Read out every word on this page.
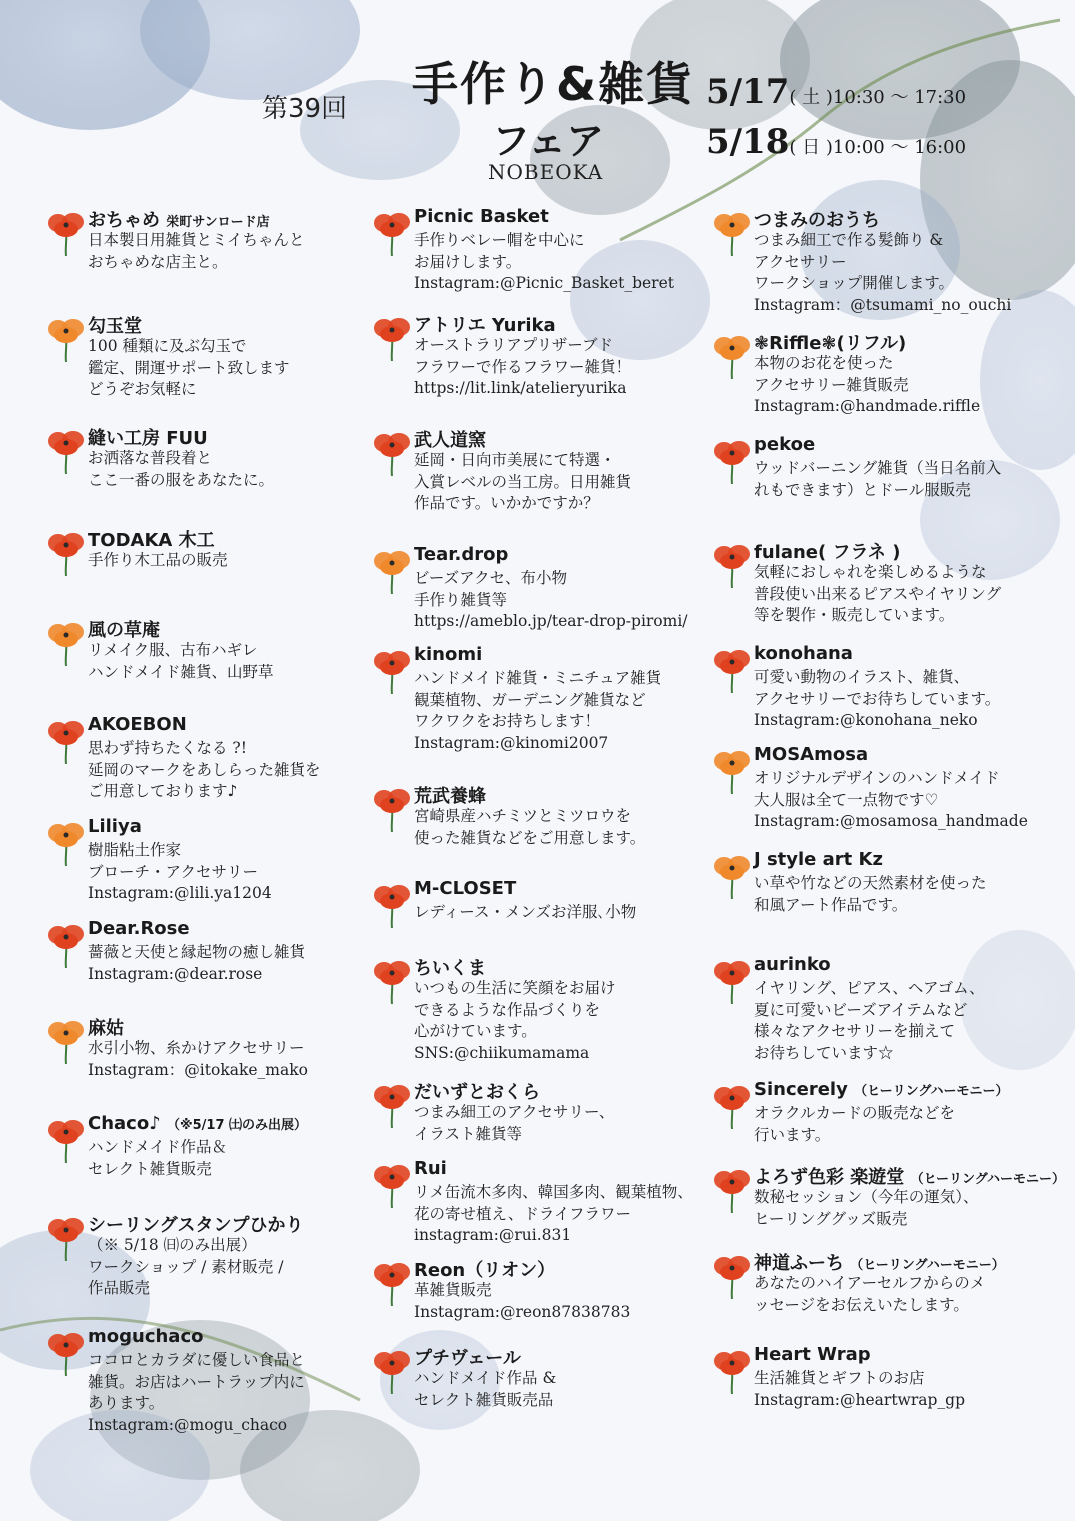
第39回 手作り&雑貨
フェア
NOBEOKA
5/17( 土 )10:30 ～ 17:30
5/18( 日 )10:00 ～ 16:00
おちゃめ 栄町サンロード店
日本製日用雑貨とミイちゃんと
おちゃめな店主と。
勾玉堂
100 種類に及ぶ勾玉で
鑑定、開運サポート致します
どうぞお気軽に
縫い工房 FUU
お洒落な普段着と
ここ一番の服をあなたに。
TODAKA 木工
手作り木工品の販売
風の草庵
リメイク服、古布ハギレ
ハンドメイド雑貨、山野草
AKOEBON
思わず持ちたくなる ?!
延岡のマークをあしらった雑貨を
ご用意しております♪
Liliya
樹脂粘土作家
ブローチ・アクセサリー
Instagram:@lili.ya1204
Dear.Rose
薔薇と天使と縁起物の癒し雑貨
Instagram:@dear.rose
麻姑
水引小物、糸かけアクセサリー
Instagram：@itokake_mako
Chaco♪ （※5/17 ㈯のみ出展）
ハンドメイド作品＆
セレクト雑貨販売
シーリングスタンプひかり
（※ 5/18 ㈰のみ出展）
ワークショップ / 素材販売 /
作品販売
moguchaco
ココロとカラダに優しい食品と
雑貨。お店はハートラップ内に
あります。
Instagram:@mogu_chaco
Picnic Basket
手作りベレー帽を中心に
お届けします。
Instagram:@Picnic_Basket_beret
アトリエ Yurika
オーストラリアプリザーブド
フラワーで作るフラワー雑貨！
https://lit.link/atelieryurika
武人道窯
延岡・日向市美展にて特選・
入賞レベルの当工房。日用雑貨
作品です。いかかですか？
Tear.drop
ビーズアクセ、布小物
手作り雑貨等
https://ameblo.jp/tear-drop-piromi/
kinomi
ハンドメイド雑貨・ミニチュア雑貨
観葉植物、ガーデニング雑貨など
ワクワクをお持ちします！
Instagram:@kinomi2007
荒武養蜂
宮崎県産ハチミツとミツロウを
使った雑貨などをご用意します。
M-CLOSET
レディース・メンズお洋服､小物
ちいくま
いつもの生活に笑顔をお届け
できるような作品づくりを
心がけています。
SNS:@chiikumamama
だいずとおくら
つまみ細工のアクセサリー、
イラスト雑貨等
Rui
リメ缶流木多肉、韓国多肉、観葉植物、
花の寄せ植え、ドライフラワー
instagram:@rui.831
Reon（リオン）
革雑貨販売
Instagram:@reon87838783
プチヴェール
ハンドメイド作品 &
セレクト雑貨販売品
つまみのおうち
つまみ細工で作る髪飾り &
アクセサリー
ワークショップ開催します。
Instagram：@tsumami_no_ouchi
❃Riffle❃(リフル)
本物のお花を使った
アクセサリー雑貨販売
Instagram:@handmade.riffle
pekoe
ウッドバーニング雑貨（当日名前入
れもできます）とドール服販売
fulane( フラネ )
気軽におしゃれを楽しめるような
普段使い出来るピアスやイヤリング
等を製作・販売しています。
konohana
可愛い動物のイラスト、雑貨、
アクセサリーでお待ちしています。
Instagram:@konohana_neko
MOSAmosa
オリジナルデザインのハンドメイド
大人服は全て一点物です♡
Instagram:@mosamosa_handmade
J style art Kz
い草や竹などの天然素材を使った
和風アート作品です。
aurinko
イヤリング、ピアス、ヘアゴム、
夏に可愛いビーズアイテムなど
様々なアクセサリーを揃えて
お待ちしています☆
Sincerely （ヒーリングハーモニー）
オラクルカードの販売などを
行います。
よろず色彩 楽遊堂 （ヒーリングハーモニー）
数秘セッション（今年の運気）、
ヒーリンググッズ販売
神道ふーち （ヒーリングハーモニー）
あなたのハイアーセルフからのメ
ッセージをお伝えいたします。
Heart Wrap
生活雑貨とギフトのお店
Instagram:@heartwrap_gp
